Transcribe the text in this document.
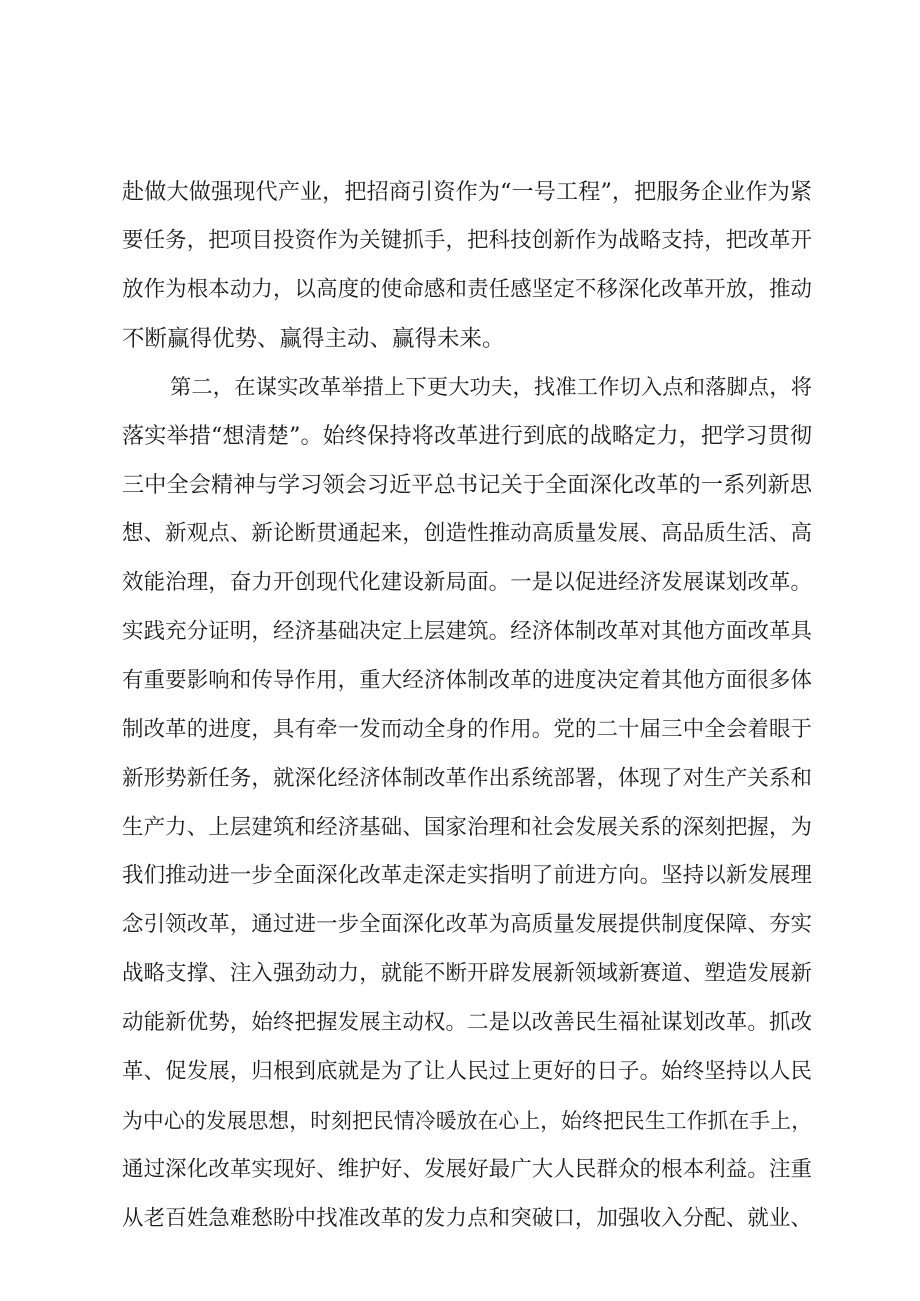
赴做大做强现代产业，把招商引资作为“一号工程”，把服务企业作为紧
要任务，把项目投资作为关键抓手，把科技创新作为战略支持，把改革开
放作为根本动力，以高度的使命感和责任感坚定不移深化改革开放，推动
不断赢得优势、赢得主动、赢得未来。
第二，在谋实改革举措上下更大功夫，找准工作切入点和落脚点，将
落实举措“想清楚”。始终保持将改革进行到底的战略定力，把学习贯彻
三中全会精神与学习领会习近平总书记关于全面深化改革的一系列新思
想、新观点、新论断贯通起来，创造性推动高质量发展、高品质生活、高
效能治理，奋力开创现代化建设新局面。一是以促进经济发展谋划改革。
实践充分证明，经济基础决定上层建筑。经济体制改革对其他方面改革具
有重要影响和传导作用，重大经济体制改革的进度决定着其他方面很多体
制改革的进度，具有牵一发而动全身的作用。党的二十届三中全会着眼于
新形势新任务，就深化经济体制改革作出系统部署，体现了对生产关系和
生产力、上层建筑和经济基础、国家治理和社会发展关系的深刻把握，为
我们推动进一步全面深化改革走深走实指明了前进方向。坚持以新发展理
念引领改革，通过进一步全面深化改革为高质量发展提供制度保障、夯实
战略支撑、注入强劲动力，就能不断开辟发展新领域新赛道、塑造发展新
动能新优势，始终把握发展主动权。二是以改善民生福祉谋划改革。抓改
革、促发展，归根到底就是为了让人民过上更好的日子。始终坚持以人民
为中心的发展思想，时刻把民情冷暖放在心上，始终把民生工作抓在手上，
通过深化改革实现好、维护好、发展好最广大人民群众的根本利益。注重
从老百姓急难愁盼中找准改革的发力点和突破口，加强收入分配、就业、
